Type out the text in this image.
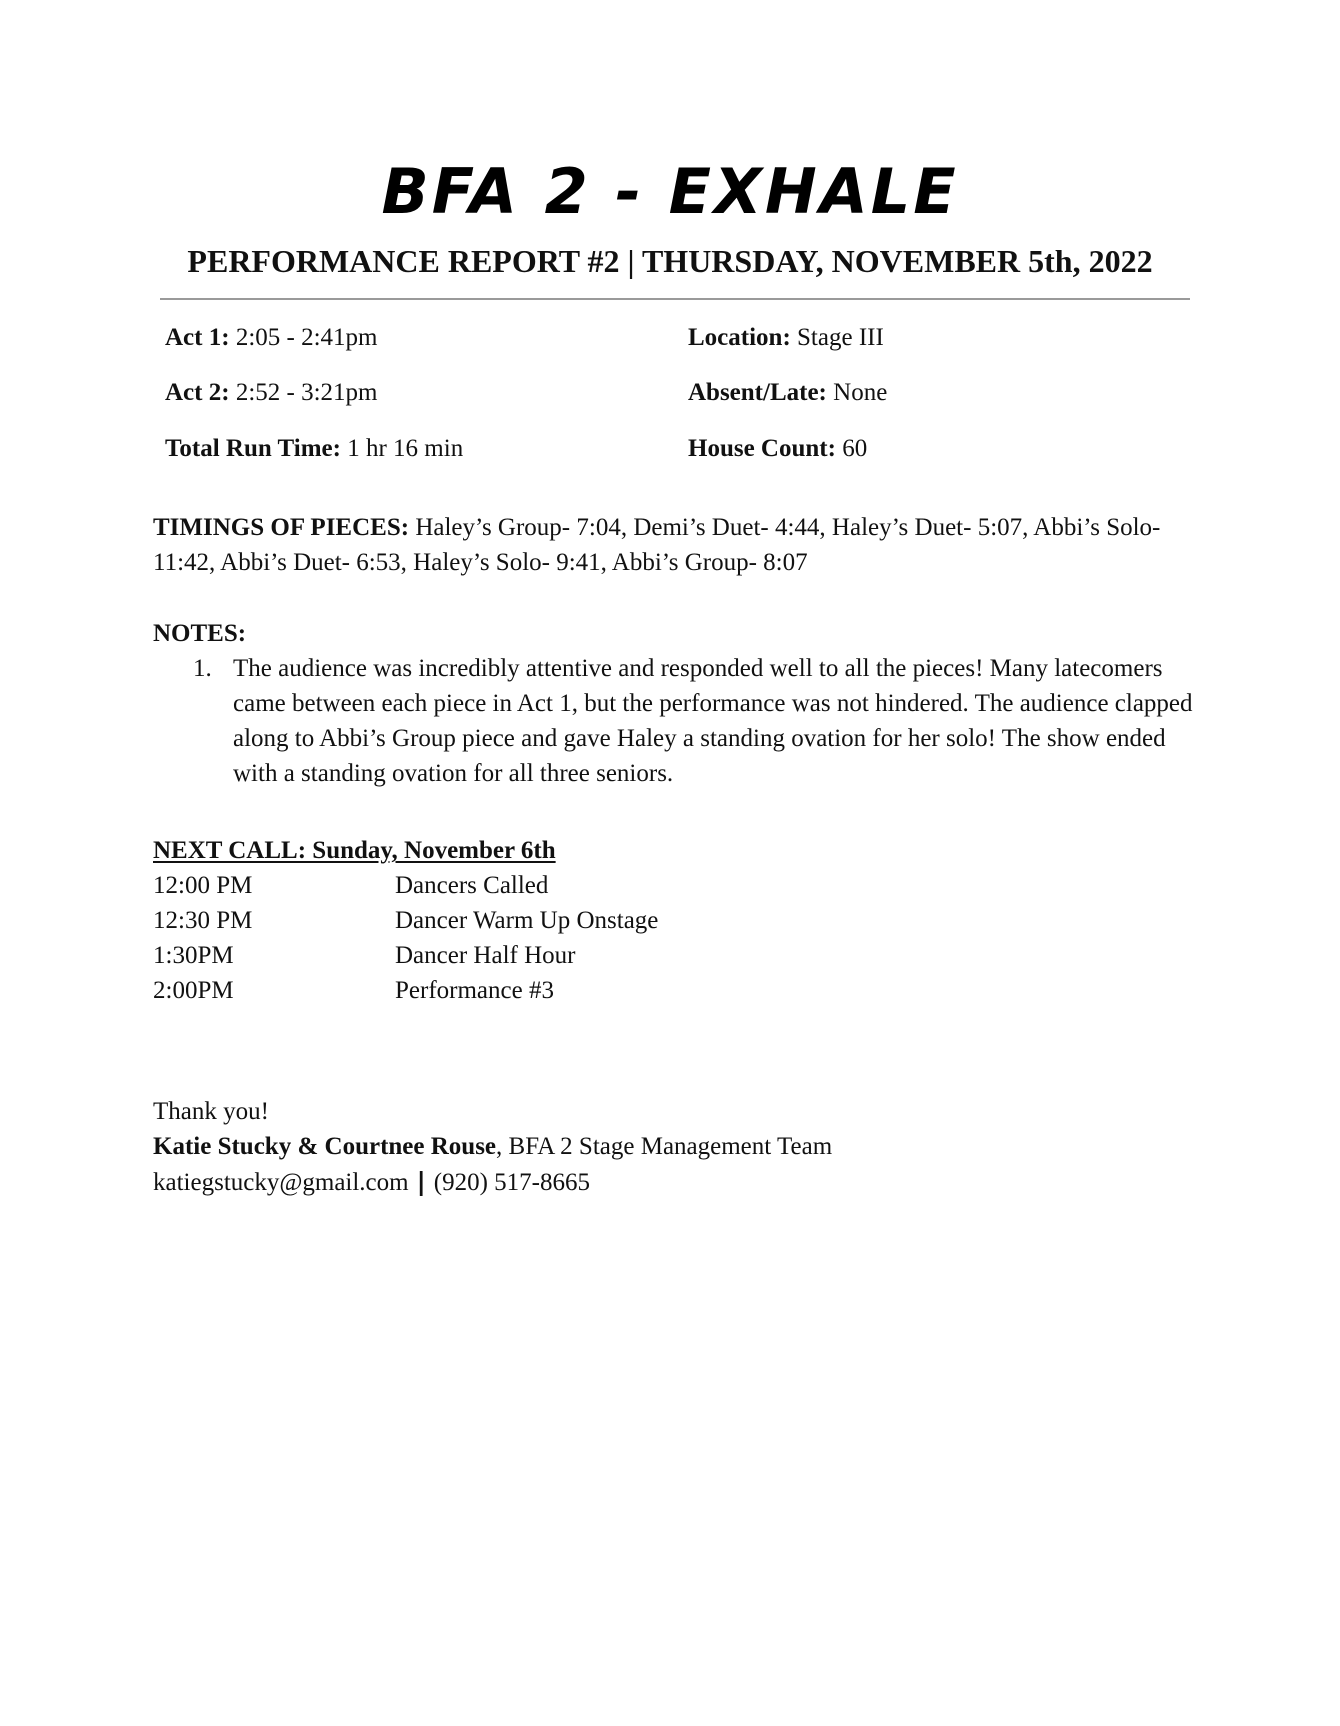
BFA 2 - EXHALE
PERFORMANCE REPORT #2 | THURSDAY, NOVEMBER 5th, 2022
Act 1: 2:05 - 2:41pm
Act 2: 2:52 - 3:21pm
Total Run Time: 1 hr 16 min
Location: Stage III
Absent/Late: None
House Count: 60
TIMINGS OF PIECES: Haley’s Group- 7:04, Demi’s Duet- 4:44, Haley’s Duet- 5:07, Abbi’s Solo- 11:42, Abbi’s Duet- 6:53, Haley’s Solo- 9:41, Abbi’s Group- 8:07
NOTES:
1. The audience was incredibly attentive and responded well to all the pieces! Many latecomers came between each piece in Act 1, but the performance was not hindered. The audience clapped along to Abbi’s Group piece and gave Haley a standing ovation for her solo! The show ended with a standing ovation for all three seniors.
NEXT CALL: Sunday, November 6th
12:00 PM	Dancers Called
12:30 PM	Dancer Warm Up Onstage
1:30PM	Dancer Half Hour
2:00PM	Performance #3
Thank you!
Katie Stucky & Courtnee Rouse, BFA 2 Stage Management Team
katiegstucky@gmail.com | (920) 517-8665
